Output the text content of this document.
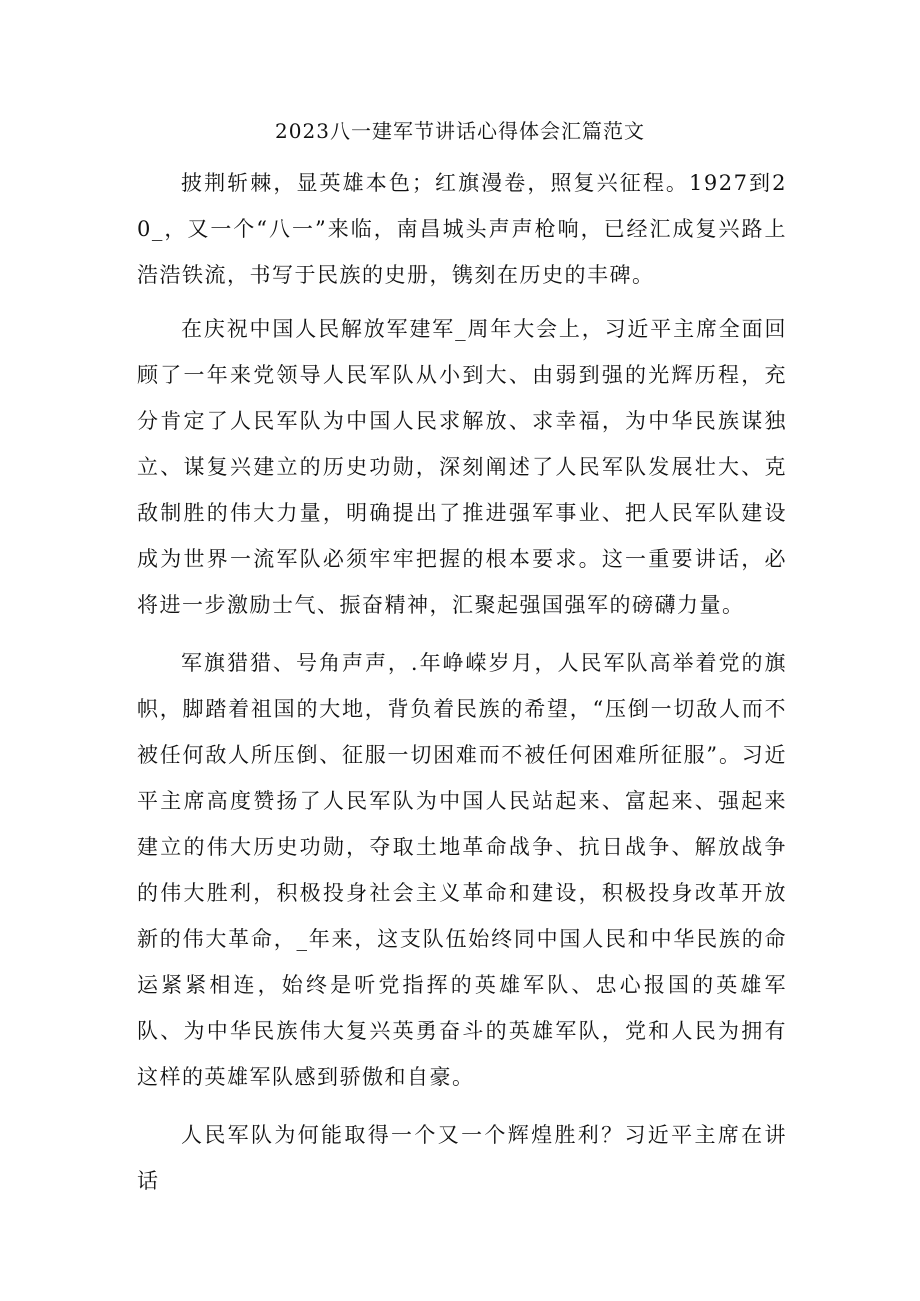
2023八一建军节讲话心得体会汇篇范文

披荆斩棘，显英雄本色；红旗漫卷，照复兴征程。1927到20_，又一个“八一”来临，南昌城头声声枪响，已经汇成复兴路上浩浩铁流，书写于民族的史册，镌刻在历史的丰碑。

在庆祝中国人民解放军建军_周年大会上，习近平主席全面回顾了一年来党领导人民军队从小到大、由弱到强的光辉历程，充分肯定了人民军队为中国人民求解放、求幸福，为中华民族谋独立、谋复兴建立的历史功勋，深刻阐述了人民军队发展壮大、克敌制胜的伟大力量，明确提出了推进强军事业、把人民军队建设成为世界一流军队必须牢牢把握的根本要求。这一重要讲话，必将进一步激励士气、振奋精神，汇聚起强国强军的磅礴力量。

军旗猎猎、号角声声，.年峥嵘岁月，人民军队高举着党的旗帜，脚踏着祖国的大地，背负着民族的希望，“压倒一切敌人而不被任何敌人所压倒、征服一切困难而不被任何困难所征服”。习近平主席高度赞扬了人民军队为中国人民站起来、富起来、强起来建立的伟大历史功勋，夺取土地革命战争、抗日战争、解放战争的伟大胜利，积极投身社会主义革命和建设，积极投身改革开放新的伟大革命，_年来，这支队伍始终同中国人民和中华民族的命运紧紧相连，始终是听党指挥的英雄军队、忠心报国的英雄军队、为中华民族伟大复兴英勇奋斗的英雄军队，党和人民为拥有这样的英雄军队感到骄傲和自豪。

人民军队为何能取得一个又一个辉煌胜利？习近平主席在讲话
